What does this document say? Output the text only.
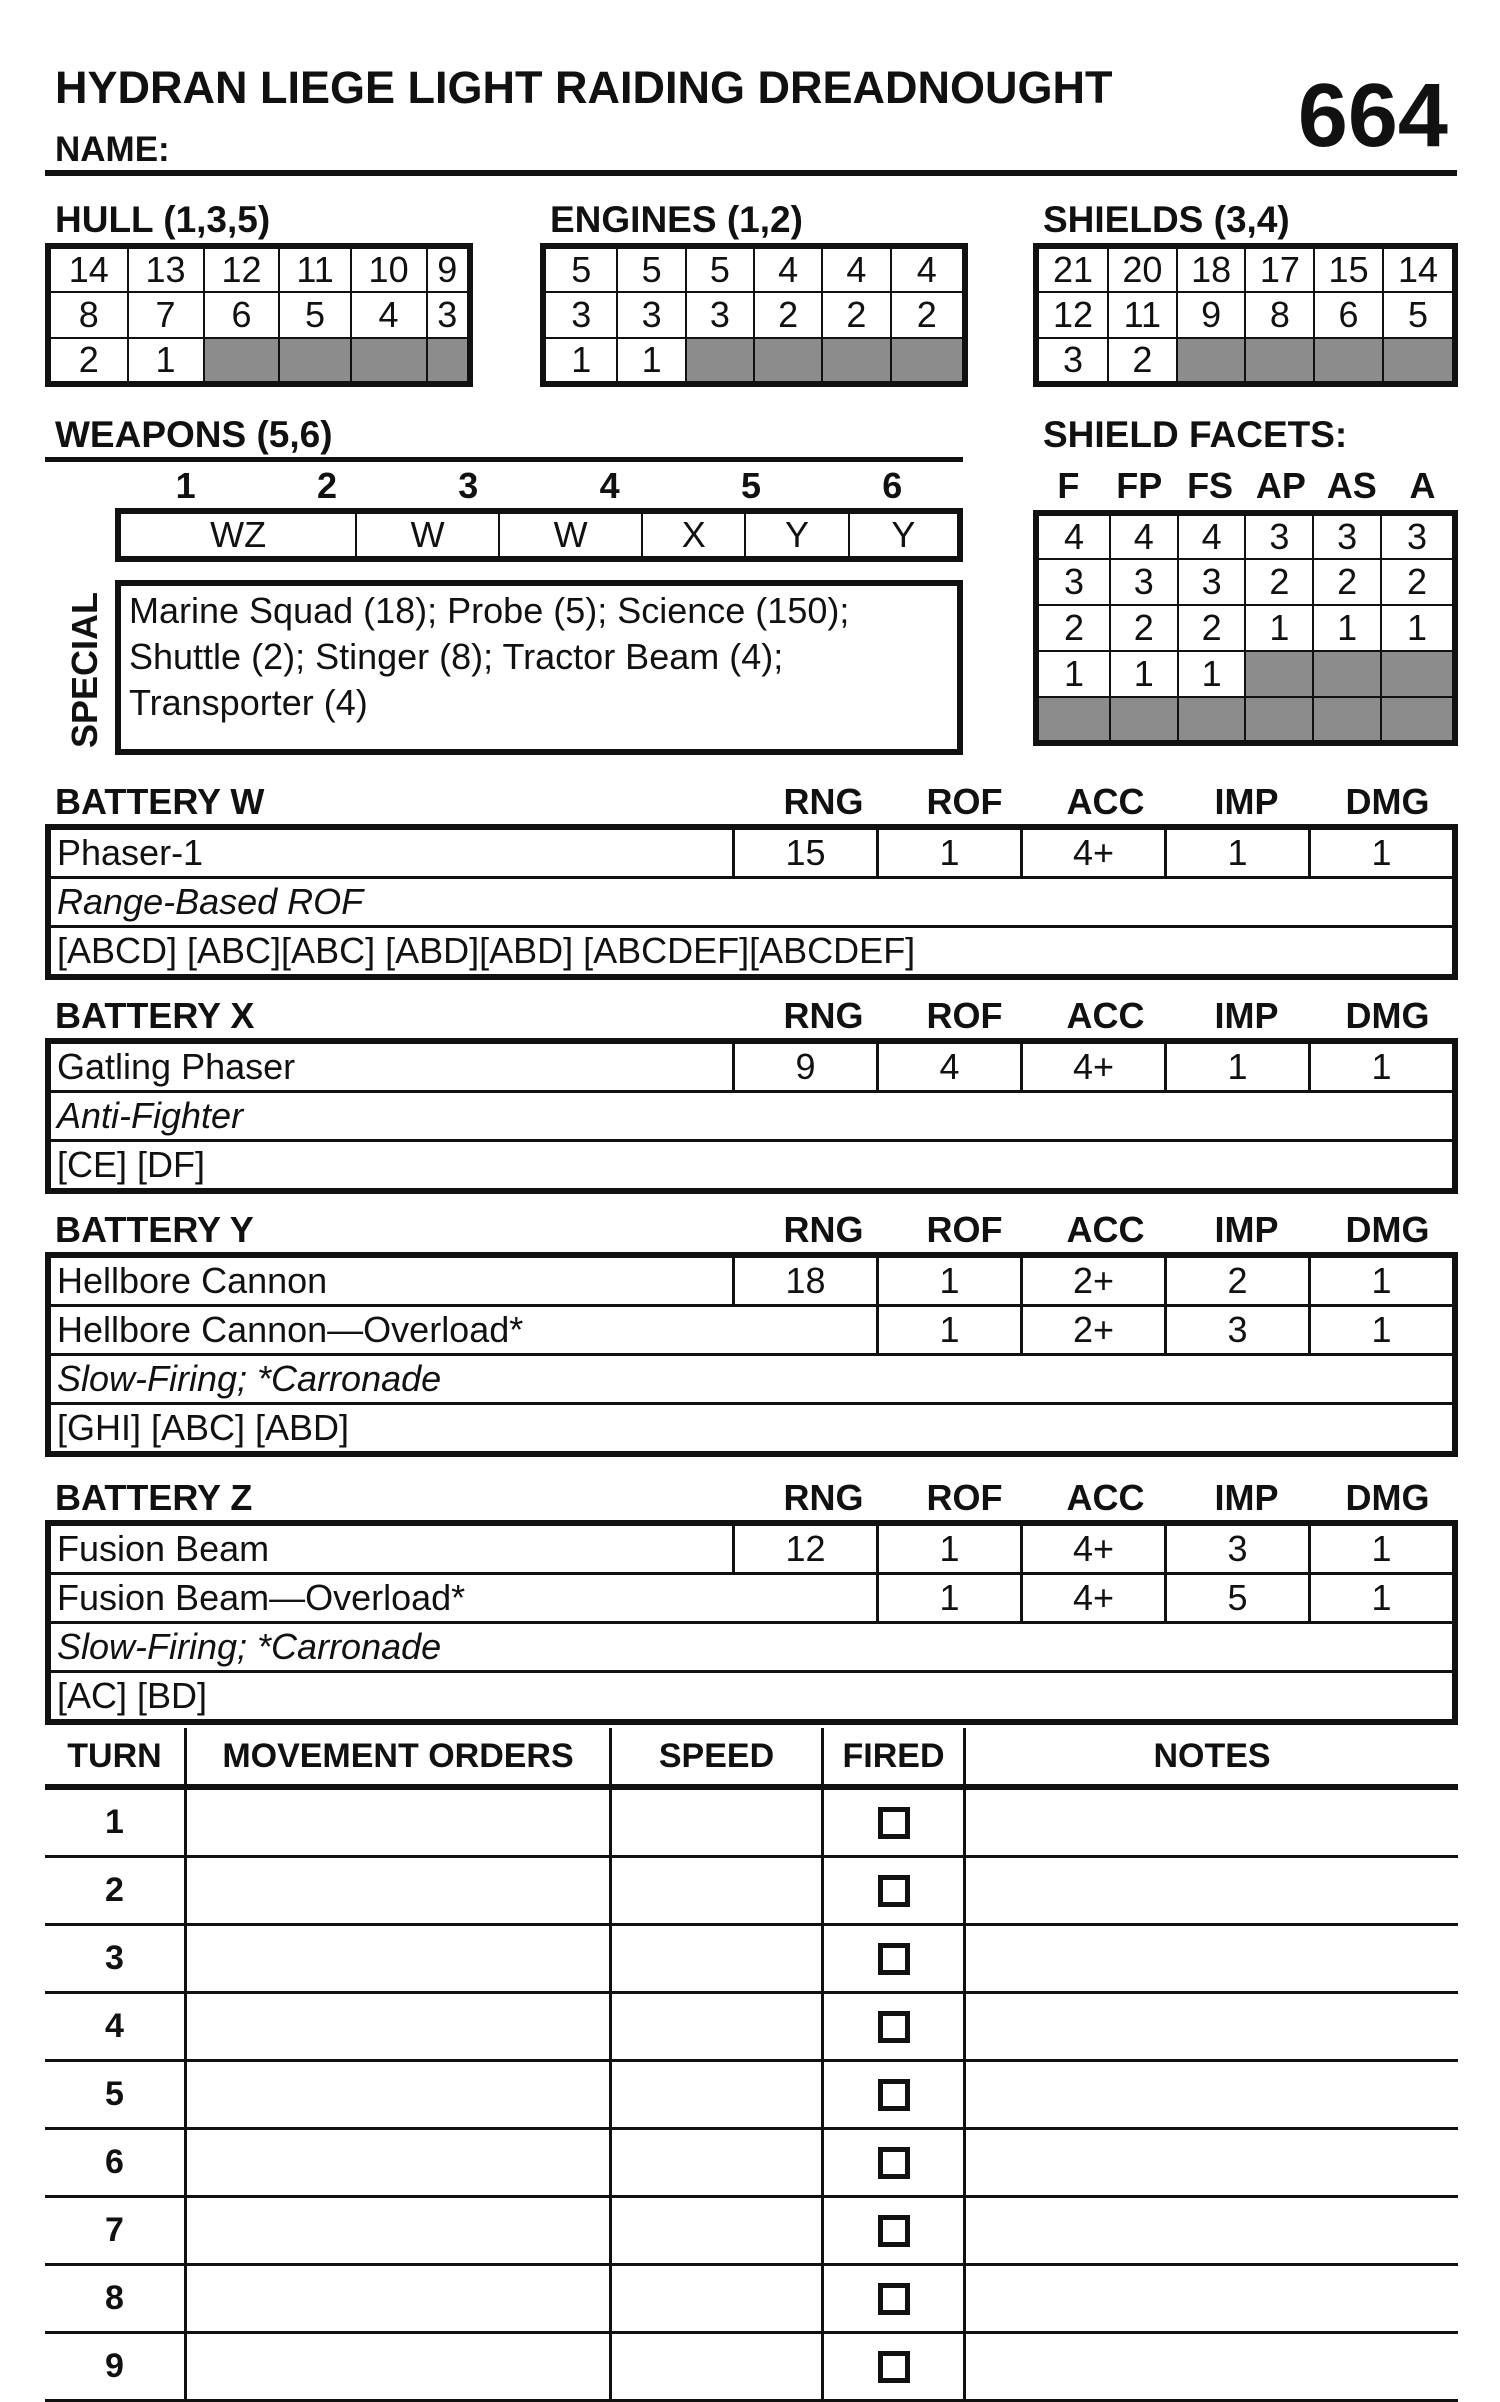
HYDRAN LIEGE LIGHT RAIDING DREADNOUGHT
NAME:	664
HULL (1,3,5)
14	13	12	11	10	9
8	7	6	5	4	3
2	1				
ENGINES (1,2)
5	5	5	4	4	4
3	3	3	2	2	2
1	1				
SHIELDS (3,4)
21	20	18	17	15	14
12	11	9	8	6	5
3	2				
WEAPONS (5,6)
1	2	3	4	5	6
WZ	W	W	X	Y	Y
SPECIAL Marine Squad (18); Probe (5); Science (150);
Shuttle (2); Stinger (8); Tractor Beam (4);
Transporter (4)
SHIELD FACETS:
F	FP FS AP AS A
4	4	4	3	3	3
3	3	3	2	2	2
2	2	2	1	1	1
1	1	1			

BATTERY W	RNG	ROF	ACC	IMP	DMG
Phaser-1	15	1	4+	1	1
Range-Based ROF
[ABCD] [ABC][ABC] [ABD][ABD] [ABCDEF][ABCDEF]
BATTERY X	RNG	ROF	ACC	IMP	DMG
Gatling Phaser	9	4	4+	1	1
Anti-Fighter
[CE] [DF]
BATTERY Y	RNG	ROF	ACC	IMP	DMG
Hellbore Cannon	18	1	2+	2	1
Hellbore Cannon—Overload*	1	2+	3	1
Slow-Firing; *Carronade
[GHI] [ABC] [ABD]
BATTERY Z	RNG	ROF	ACC	IMP	DMG
Fusion Beam	12	1	4+	3	1
Fusion Beam—Overload*	1	4+	5	1
Slow-Firing; *Carronade
[AC] [BD]
TURN	MOVEMENT ORDERS	SPEED	FIRED	NOTES
1
2
3
4
5
6
7
8
9
